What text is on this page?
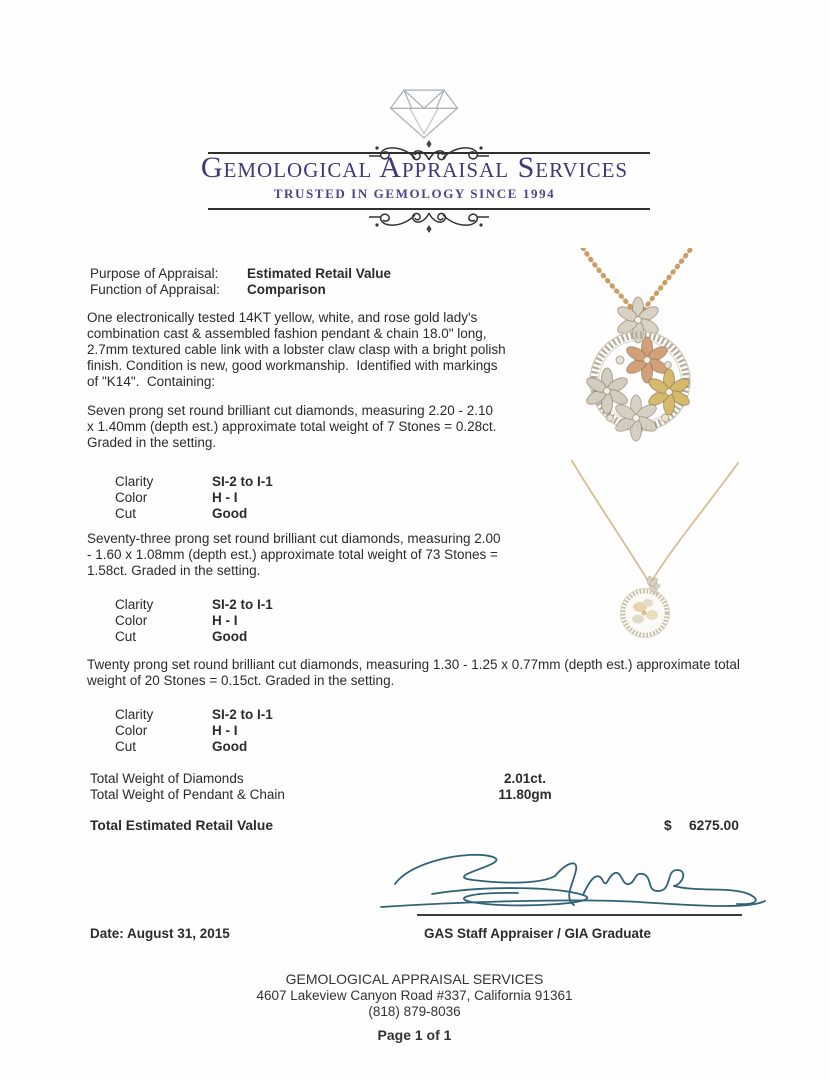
Gemological Appraisal Services
TRUSTED IN GEMOLOGY SINCE 1994
Purpose of Appraisal:	Estimated Retail Value
Function of Appraisal:	Comparison
One electronically tested 14KT yellow, white, and rose gold lady's combination cast & assembled fashion pendant & chain 18.0" long, 2.7mm textured cable link with a lobster claw clasp with a bright polish finish. Condition is new, good workmanship.  Identified with markings of "K14".  Containing:
Seven prong set round brilliant cut diamonds, measuring 2.20 - 2.10 x 1.40mm (depth est.) approximate total weight of 7 Stones = 0.28ct. Graded in the setting.
Clarity	SI-2 to I-1
Color	H - I
Cut	Good
Seventy-three prong set round brilliant cut diamonds, measuring 2.00 - 1.60 x 1.08mm (depth est.) approximate total weight of 73 Stones = 1.58ct. Graded in the setting.
Clarity	SI-2 to I-1
Color	H - I
Cut	Good
Twenty prong set round brilliant cut diamonds, measuring 1.30 - 1.25 x 0.77mm (depth est.) approximate total weight of 20 Stones = 0.15ct. Graded in the setting.
Clarity	SI-2 to I-1
Color	H - I
Cut	Good
Total Weight of Diamonds	2.01ct.
Total Weight of Pendant & Chain	11.80gm
Total Estimated Retail Value	$ 6275.00
Date: August 31, 2015	GAS Staff Appraiser / GIA Graduate
GEMOLOGICAL APPRAISAL SERVICES
4607 Lakeview Canyon Road #337, California 91361
(818) 879-8036
Page 1 of 1
